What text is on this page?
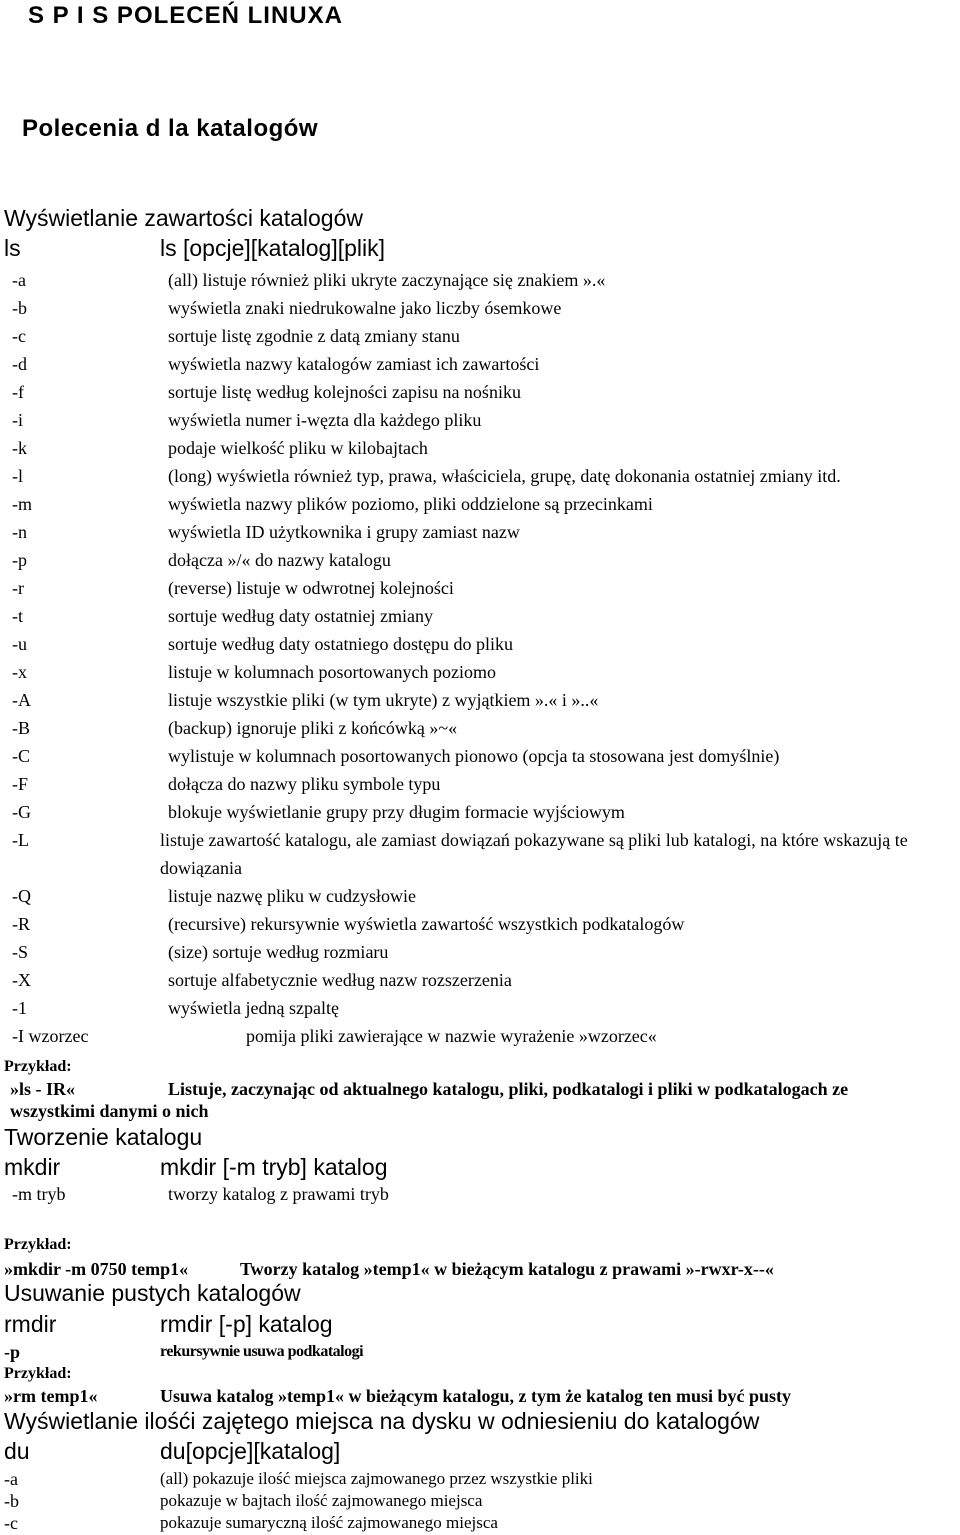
S P I S POLECEŃ LINUXA
Polecenia d la katalogów
Wyświetlanie zawartości katalogów
ls	ls [opcje][katalog][plik]
-a	(all) listuje również pliki ukryte zaczynające się znakiem ».«
-b	wyświetla znaki niedrukowalne jako liczby ósemkowe
-c	sortuje listę zgodnie z datą zmiany stanu
-d	wyświetla nazwy katalogów zamiast ich zawartości
-f	sortuje listę według kolejności zapisu na nośniku
-i	wyświetla numer i-węzta dla każdego pliku
-k	podaje wielkość pliku w kilobajtach
-l	(long) wyświetla również typ, prawa, właściciela, grupę, datę dokonania ostatniej zmiany itd.
-m	wyświetla nazwy plików poziomo, pliki oddzielone są przecinkami
-n	wyświetla ID użytkownika i grupy zamiast nazw
-p	dołącza »/« do nazwy katalogu
-r	(reverse) listuje w odwrotnej kolejności
-t	sortuje według daty ostatniej zmiany
-u	sortuje według daty ostatniego dostępu do pliku
-x	listuje w kolumnach posortowanych poziomo
-A	listuje wszystkie pliki (w tym ukryte) z wyjątkiem ».« i »..«
-B	(backup) ignoruje pliki z końcówką »~«
-C	wylistuje w kolumnach posortowanych pionowo (opcja ta stosowana jest domyślnie)
-F	dołącza do nazwy pliku symbole typu
-G	blokuje wyświetlanie grupy przy długim formacie wyjściowym
-L	listuje zawartość katalogu, ale zamiast dowiązań pokazywane są pliki lub katalogi, na które wskazują te
dowiązania
-Q	listuje nazwę pliku w cudzysłowie
-R	(recursive) rekursywnie wyświetla zawartość wszystkich podkatalogów
-S	(size) sortuje według rozmiaru
-X	sortuje alfabetycznie według nazw rozszerzenia
-1	wyświetla jedną szpaltę
-I wzorzec	pomija pliki zawierające w nazwie wyrażenie »wzorzec«
Przykład:
»ls - IR«	Listuje, zaczynając od aktualnego katalogu, pliki, podkatalogi i pliki w podkatalogach ze
wszystkimi danymi o nich
Tworzenie katalogu
mkdir	mkdir [-m tryb] katalog
-m tryb	tworzy katalog z prawami tryb
Przykład:
»mkdir -m 0750 temp1«	Tworzy katalog »temp1« w bieżącym katalogu z prawami »-rwxr-x--«
Usuwanie pustych katalogów
rmdir	rmdir [-p] katalog
-p	rekursywnie usuwa podkatalogi
Przykład:
»rm temp1«	Usuwa katalog »temp1« w bieżącym katalogu, z tym że katalog ten musi być pusty
Wyświetlanie ilośći zajętego miejsca na dysku w odniesieniu do katalogów
du	du[opcje][katalog]
-a	(all) pokazuje ilość miejsca zajmowanego przez wszystkie pliki
-b	pokazuje w bajtach ilość zajmowanego miejsca
-c	pokazuje sumaryczną ilość zajmowanego miejsca
